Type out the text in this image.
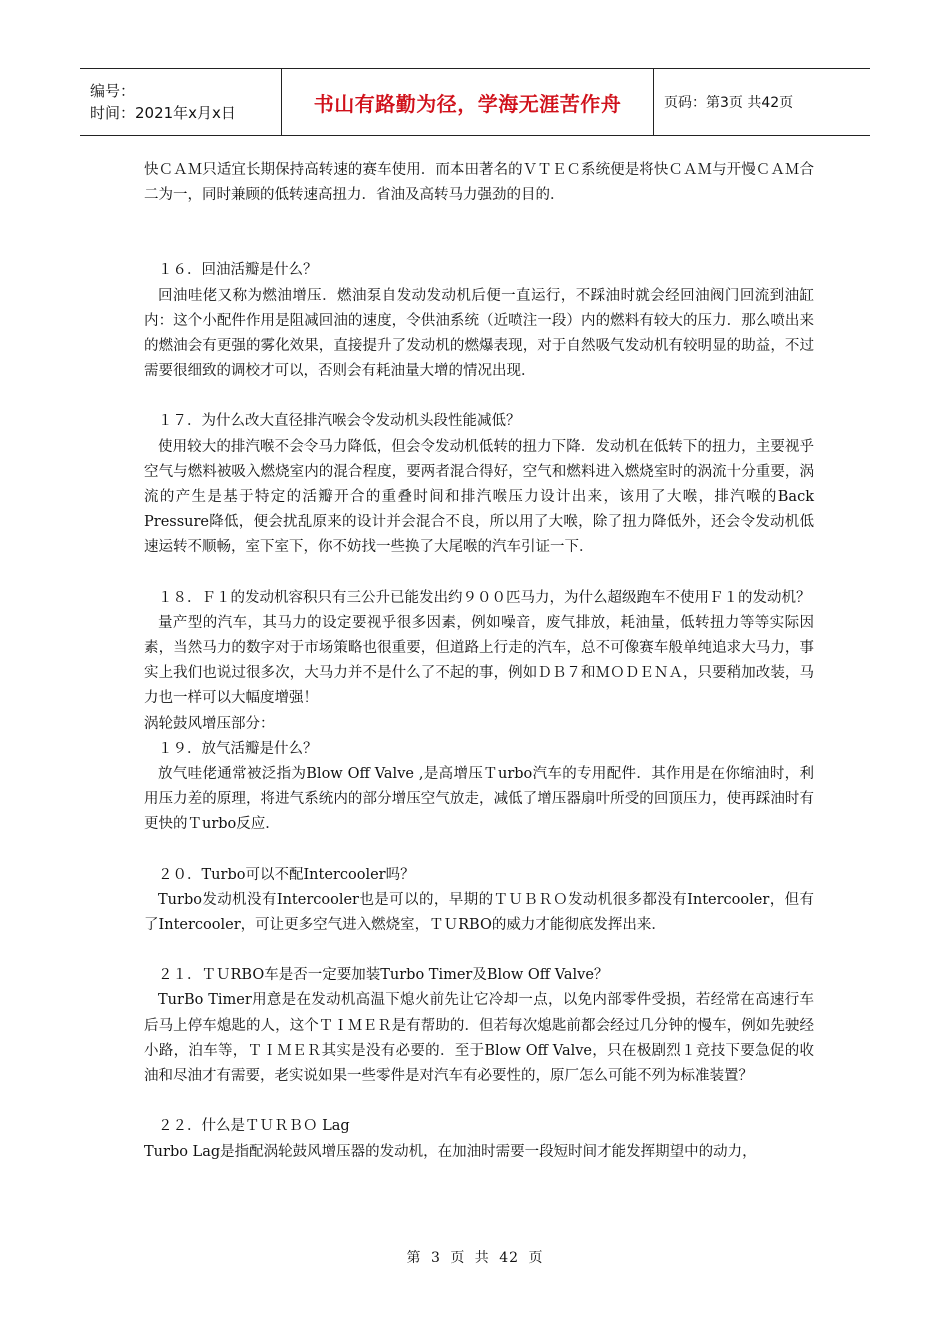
编号：
时间：2021年x月x日	书山有路勤为径，学海无涯苦作舟	页码：第3页 共42页

快ＣＡＭ只适宜长期保持高转速的赛车使用．而本田著名的ＶＴＥＣ系统便是将快ＣＡＭ与开慢ＣＡＭ合二为一，同时兼顾的低转速高扭力．省油及高转马力强劲的目的．

１６．回油活瓣是什么？

回油哇佬又称为燃油增压．燃油泵自发动发动机后便一直运行，不踩油时就会经回油阀门回流到油缸内：这个小配件作用是阻减回油的速度，令供油系统（近喷注一段）内的燃料有较大的压力．那么喷出来的燃油会有更强的雾化效果，直接提升了发动机的燃爆表现，对于自然吸气发动机有较明显的助益，不过需要很细致的调校才可以，否则会有耗油量大增的情况出现．

１７．为什么改大直径排汽喉会令发动机头段性能减低？

使用较大的排汽喉不会令马力降低，但会令发动机低转的扭力下降．发动机在低转下的扭力，主要视乎空气与燃料被吸入燃烧室内的混合程度，要两者混合得好，空气和燃料进入燃烧室时的涡流十分重要，涡流的产生是基于特定的活瓣开合的重叠时间和排汽喉压力设计出来，该用了大喉，排汽喉的Back Pressure降低，便会扰乱原来的设计并会混合不良，所以用了大喉，除了扭力降低外，还会令发动机低速运转不顺畅，室下室下，你不妨找一些换了大尾喉的汽车引证一下．

１８．Ｆ１的发动机容积只有三公升已能发出约９００匹马力，为什么超级跑车不使用Ｆ１的发动机？

量产型的汽车，其马力的设定要视乎很多因素，例如噪音，废气排放，耗油量，低转扭力等等实际因素，当然马力的数字对于市场策略也很重要，但道路上行走的汽车，总不可像赛车般单纯追求大马力，事实上我们也说过很多次，大马力并不是什么了不起的事，例如ＤＢ７和ＭＯＤＥＮＡ，只要稍加改装，马力也一样可以大幅度增强！

涡轮鼓风增压部分：

１９．放气活瓣是什么？

放气哇佬通常被泛指为Blow Off Valve ,是高增压Ｔurbo汽车的专用配件．其作用是在你缩油时，利用压力差的原理，将进气系统内的部分增压空气放走，减低了增压器扇叶所受的回顶压力，使再踩油时有更快的Ｔurbo反应．

２０．Turbo可以不配Intercooler吗？

Turbo发动机没有Intercooler也是可以的，早期的ＴＵＢＲＯ发动机很多都没有Intercooler，但有了Intercooler，可让更多空气进入燃烧室，ＴＵRBO的威力才能彻底发挥出来．

２１．ＴＵRBO车是否一定要加装Turbo Timer及Blow Off Valve？

TurBo Timer用意是在发动机高温下熄火前先让它冷却一点，以免内部零件受损，若经常在高速行车后马上停车熄匙的人，这个ＴＩＭＥＲ是有帮助的．但若每次熄匙前都会经过几分钟的慢车，例如先驶经小路，泊车等，ＴＩＭＥＲ其实是没有必要的．至于Blow Off Valve，只在极剧烈１竞技下要急促的收油和尽油才有需要，老实说如果一些零件是对汽车有必要性的，原厂怎么可能不列为标准装置？

２２．什么是ＴＵＲＢＯ Lag

Turbo Lag是指配涡轮鼓风增压器的发动机，在加油时需要一段短时间才能发挥期望中的动力，

第 3 页 共 42 页
